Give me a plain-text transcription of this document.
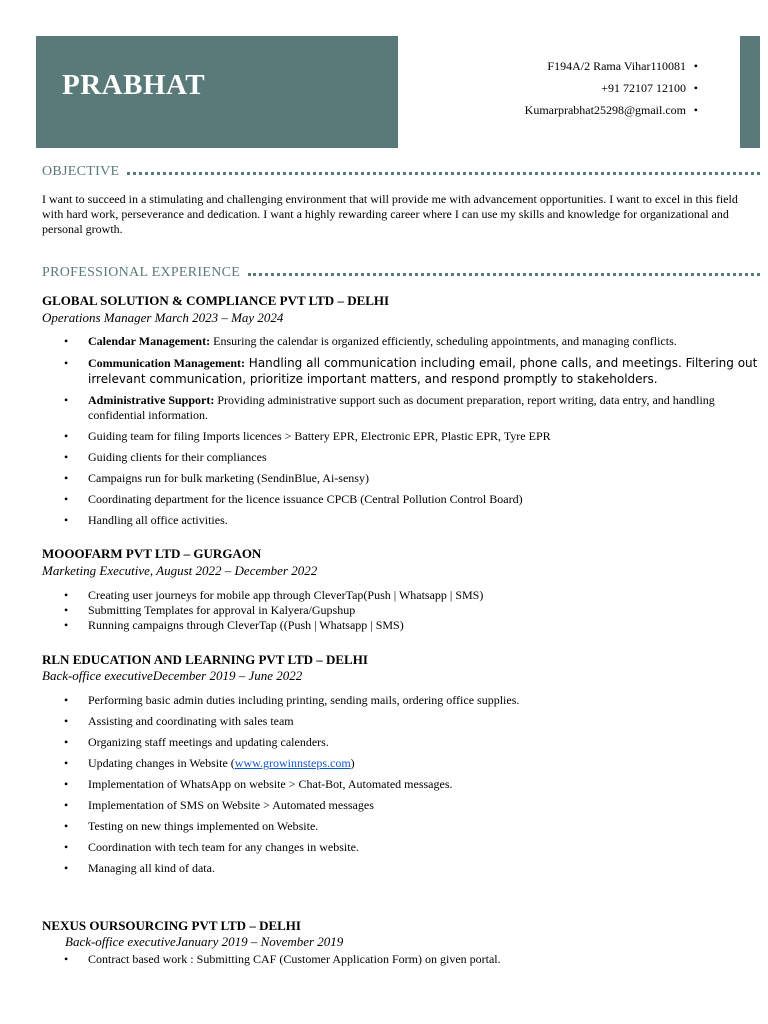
PRABHAT
F194A/2 Rama Vihar110081 •
+91 72107 12100 •
Kumarprabhat25298@gmail.com •
OBJECTIVE
I want to succeed in a stimulating and challenging environment that will provide me with advancement opportunities. I want to excel in this field with hard work, perseverance and dedication. I want a highly rewarding career where I can use my skills and knowledge for organizational and personal growth.
PROFESSIONAL EXPERIENCE
GLOBAL SOLUTION & COMPLIANCE PVT LTD – DELHI
Operations Manager March 2023 – May 2024
• Calendar Management: Ensuring the calendar is organized efficiently, scheduling appointments, and managing conflicts.
• Communication Management: Handling all communication including email, phone calls, and meetings. Filtering out irrelevant communication, prioritize important matters, and respond promptly to stakeholders.
• Administrative Support: Providing administrative support such as document preparation, report writing, data entry, and handling confidential information.
• Guiding team for filing Imports licences > Battery EPR, Electronic EPR, Plastic EPR, Tyre EPR
• Guiding clients for their compliances
• Campaigns run for bulk marketing (SendinBlue, Ai-sensy)
• Coordinating department for the licence issuance CPCB (Central Pollution Control Board)
• Handling all office activities.
MOOOFARM PVT LTD – GURGAON
Marketing Executive, August 2022 – December 2022
• Creating user journeys for mobile app through CleverTap(Push | Whatsapp | SMS)
• Submitting Templates for approval in Kalyera/Gupshup
• Running campaigns through CleverTap ((Push | Whatsapp | SMS)
RLN EDUCATION AND LEARNING PVT LTD – DELHI
Back-office executiveDecember 2019 – June 2022
• Performing basic admin duties including printing, sending mails, ordering office supplies.
• Assisting and coordinating with sales team
• Organizing staff meetings and updating calenders.
• Updating changes in Website (www.growinnsteps.com)
• Implementation of WhatsApp on website > Chat-Bot, Automated messages.
• Implementation of SMS on Website > Automated messages
• Testing on new things implemented on Website.
• Coordination with tech team for any changes in website.
• Managing all kind of data.
NEXUS OURSOURCING PVT LTD – DELHI
Back-office executiveJanuary 2019 – November 2019
• Contract based work : Submitting CAF (Customer Application Form) on given portal.
